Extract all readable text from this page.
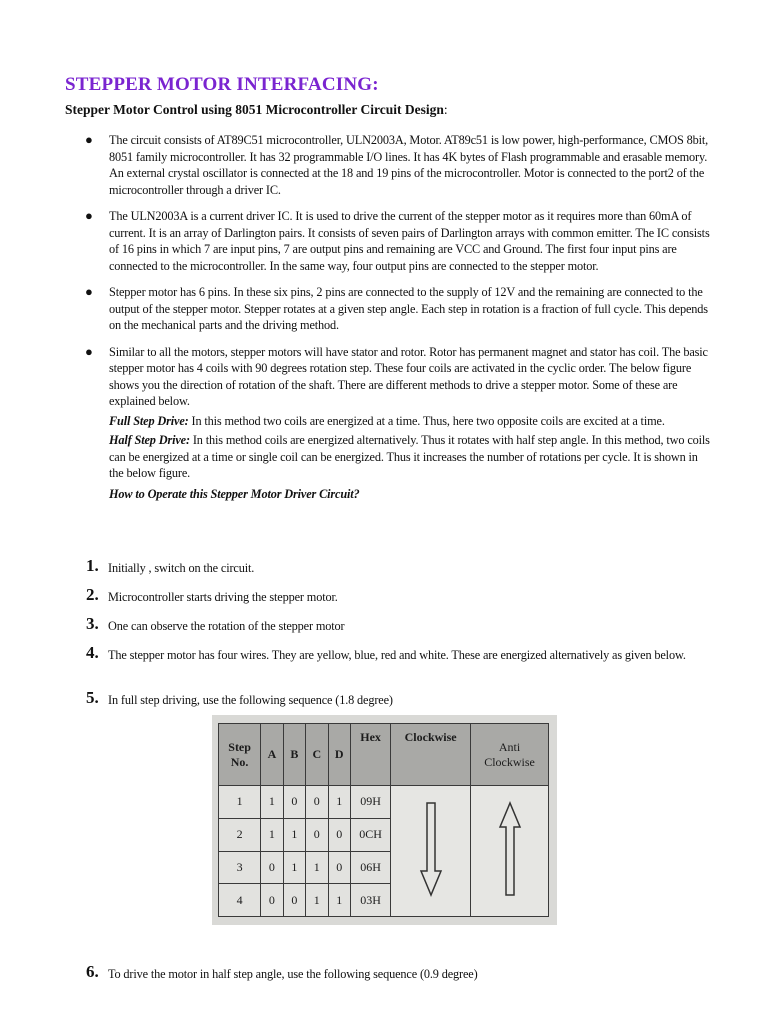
STEPPER MOTOR INTERFACING:

Stepper Motor Control using 8051 Microcontroller Circuit Design:

●	The circuit consists of AT89C51 microcontroller, ULN2003A, Motor. AT89c51 is low power, high-performance, CMOS 8bit, 8051 family microcontroller. It has 32 programmable I/O lines. It has 4K bytes of Flash programmable and erasable memory. An external crystal oscillator is connected at the 18 and 19 pins of the microcontroller. Motor is connected to the port2 of the microcontroller through a driver IC.
●	The ULN2003A is a current driver IC. It is used to drive the current of the stepper motor as it requires more than 60mA of current. It is an array of Darlington pairs. It consists of seven pairs of Darlington arrays with common emitter. The IC consists of 16 pins in which 7 are input pins, 7 are output pins and remaining are VCC and Ground. The first four input pins are connected to the microcontroller. In the same way, four output pins are connected to the stepper motor.
●	Stepper motor has 6 pins. In these six pins, 2 pins are connected to the supply of 12V and the remaining are connected to the output of the stepper motor. Stepper rotates at a given step angle. Each step in rotation is a fraction of full cycle. This depends on the mechanical parts and the driving method.
●	Similar to all the motors, stepper motors will have stator and rotor. Rotor has permanent magnet and stator has coil. The basic stepper motor has 4 coils with 90 degrees rotation step. These four coils are activated in the cyclic order. The below figure shows you the direction of rotation of the shaft. There are different methods to drive a stepper motor. Some of these are explained below.
Full Step Drive: In this method two coils are energized at a time. Thus, here two opposite coils are excited at a time.
Half Step Drive: In this method coils are energized alternatively. Thus it rotates with half step angle. In this method, two coils can be energized at a time or single coil can be energized. Thus it increases the number of rotations per cycle. It is shown in the below figure.
How to Operate this Stepper Motor Driver Circuit?
1. Initially , switch on the circuit.
2. Microcontroller starts driving the stepper motor.
3. One can observe the rotation of the stepper motor
4. The stepper motor has four wires. They are yellow, blue, red and white. These are energized alternatively as given below.
5. In full step driving, use the following sequence (1.8 degree)
Step
No.	A	B	C	D	Hex	Clockwise	Anti
Clockwise
1	1	0	0	1	09H		
2	1	1	0	0	0CH		
3	0	1	1	0	06H		
4	0	0	1	1	03H		
6. To drive the motor in half step angle, use the following sequence (0.9 degree)
